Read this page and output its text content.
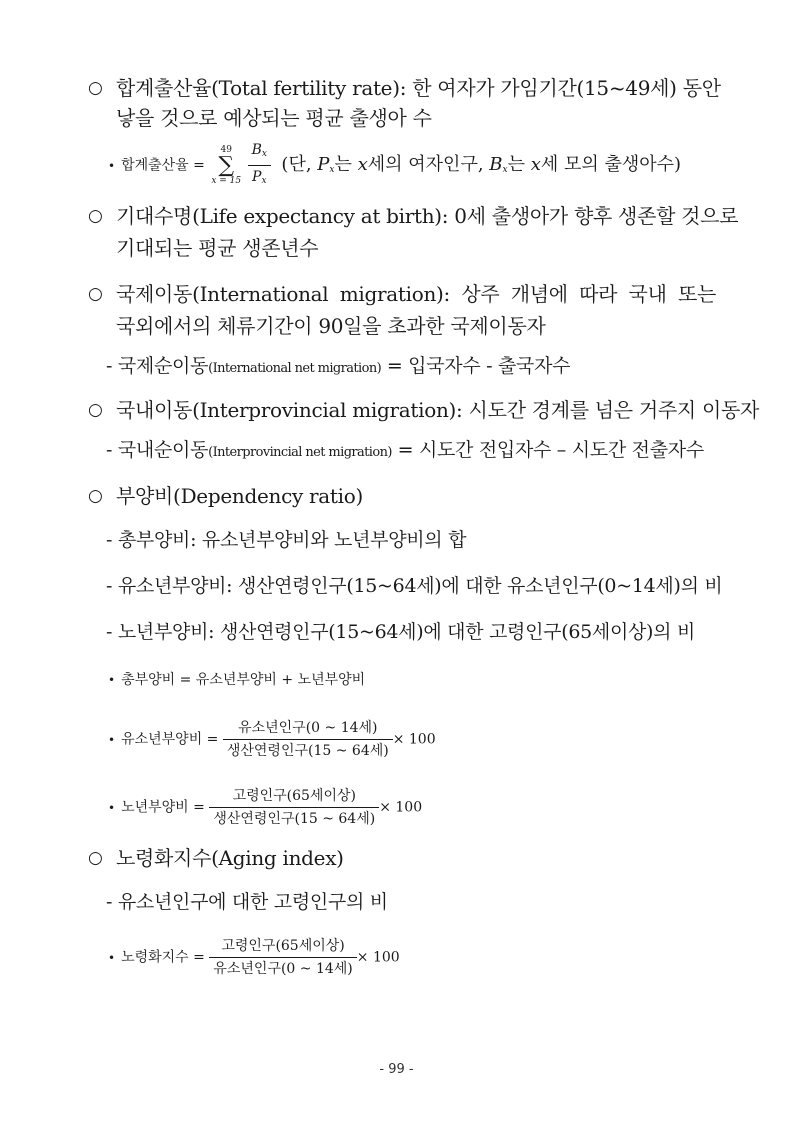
○ 합계출산율(Total fertility rate): 한 여자가 가임기간(15~49세) 동안
낳을 것으로 예상되는 평균 출생아 수
• 합계출산율 =
49
∑
x = 15
$\frac{Bx}{Px}$ (단, Px는 x세의 여자인구, Bx는 x세 모의 출생아수)
○ 기대수명(Life expectancy at birth): 0세 출생아가 향후 생존할 것으로
기대되는 평균 생존년수
○ 국제이동(International migration): 상주 개념에 따라 국내 또는
국외에서의 체류기간이 90일을 초과한 국제이동자
- 국제순이동(International net migration) = 입국자수 - 출국자수
○ 국내이동(Interprovincial migration): 시도간 경계를 넘은 거주지 이동자
- 국내순이동(Interprovincial net migration) = 시도간 전입자수 – 시도간 전출자수
○ 부양비(Dependency ratio)
- 총부양비: 유소년부양비와 노년부양비의 합
- 유소년부양비: 생산연령인구(15~64세)에 대한 유소년인구(0~14세)의 비
- 노년부양비: 생산연령인구(15~64세)에 대한 고령인구(65세이상)의 비
• 총부양비 = 유소년부양비 + 노년부양비
• 유소년부양비 = $\frac{\text{유소년인구(0 \textasciitilde{} 14세)}}{\text{생산연령인구(15 \textasciitilde{} 64세)}} \times 100$
• 노년부양비 = $\frac{\text{고령인구(65세이상)}}{\text{생산연령인구(15 \textasciitilde{} 64세)}} \times 100$
○ 노령화지수(Aging index)
- 유소년인구에 대한 고령인구의 비
• 노령화지수 = $\frac{\text{고령인구(65세이상)}}{\text{유소년인구(0 \textasciitilde{} 14세)}} \times 100$
- 99 -
